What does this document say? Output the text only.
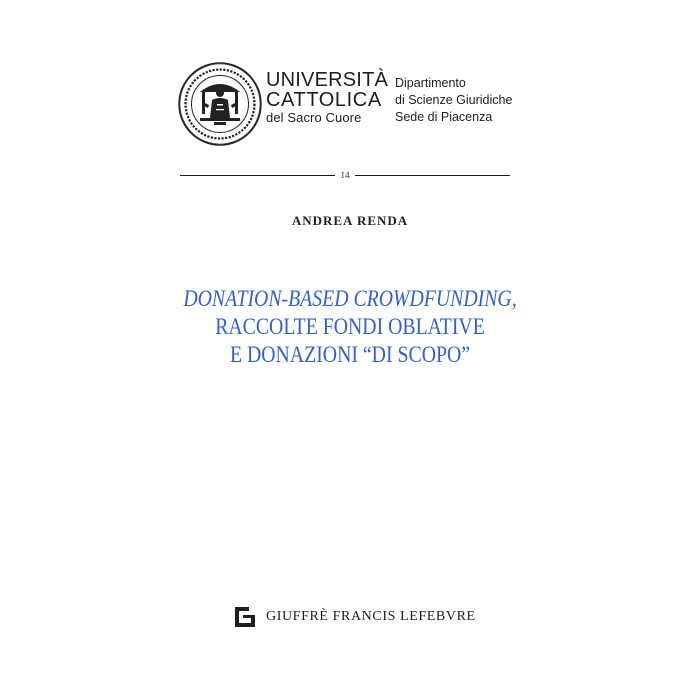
UNIVERSITÀ
CATTOLICA
del Sacro Cuore
Dipartimento
di Scienze Giuridiche
Sede di Piacenza
14
ANDREA RENDA
DONATION-BASED CROWDFUNDING,
RACCOLTE FONDI OBLATIVE
E DONAZIONI “DI SCOPO”
GIUFFRÈ FRANCIS LEFEBVRE
